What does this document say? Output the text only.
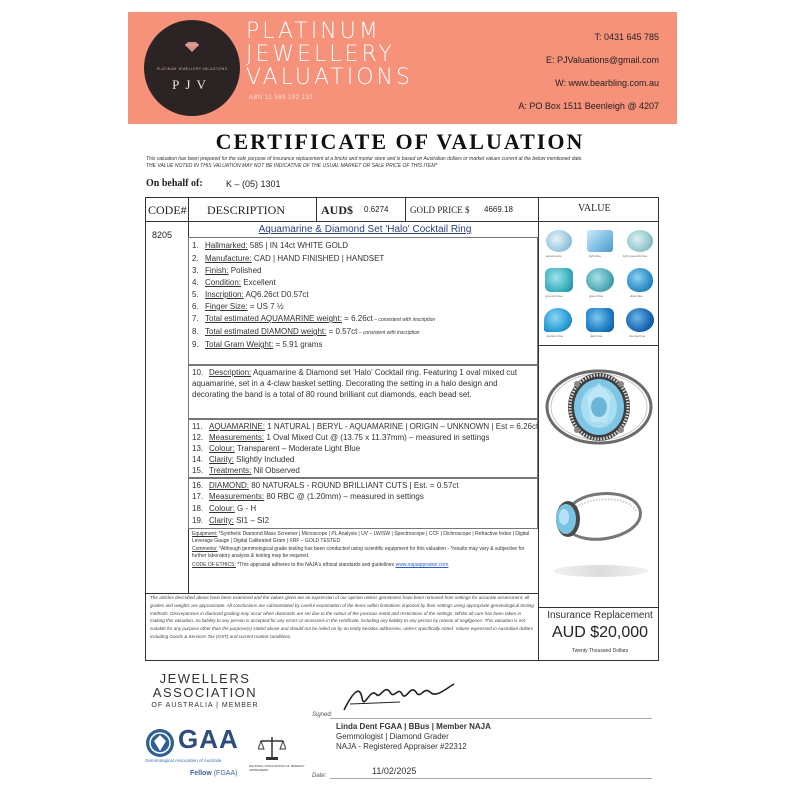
PLATINUM JEWELLERY VALUATIONS
PJV
PLATINUM
JEWELLERY
VALUATIONS
ABN 11 589 192 132
T: 0431 645 785
E: PJValuations@gmail.com
W: www.bearbling.com.au
A: PO Box 1511 Beenleigh @ 4207
CERTIFICATE OF VALUATION
This valuation has been prepared for the sole purpose of insurance replacement at a bricks and mortar store and is based on Australian dollars or market values current at the below mentioned date.
THE VALUE NOTED IN THIS VALUATION MAY NOT BE INDICATIVE OF THE USUAL MARKET OR SALE PRICE OF THIS ITEM*
On behalf of:	K – (05) 1301
CODE# DESCRIPTION	AUD$ 0.6274 GOLD PRICE $ 4669.18	VALUE
8205	Aquamarine & Diamond Set 'Halo' Cocktail Ring
1. Hallmarked: 585 | IN 14ct WHITE GOLD
2. Manufacture: CAD | HAND FINISHED | HANDSET
3. Finish: Polished
4. Condition: Excellent
5. Inscription: AQ6.26ct D0.57ct
6. Finger Size: = US 7 ½
7. Total estimated AQUAMARINE weight: = 6.26ct – consistent with inscription
8. Total estimated DIAMOND weight: = 0.57ct – consistent with inscription
9. Total Gram Weight: = 5.91 grams
10. Description: Aquamarine & Diamond set 'Halo' Cocktail ring. Featuring 1 oval mixed cut aquamarine, set in a 4-claw basket setting. Decorating the setting in a halo design and decorating the band is a total of 80 round brilliant cut diamonds, each bead set.
11. AQUAMARINE: 1 NATURAL | BERYL - AQUAMARINE | ORIGIN – UNKNOWN | Est = 6.26ct
12. Measurements: 1 Oval Mixed Cut @ (13.75 x 11.37mm) – measured in settings
13. Colour: Transparent – Moderate Light Blue
14. Clarity: Slightly Included
15. Treatments: Nil Observed
16. DIAMOND: 80 NATURALS - ROUND BRILLIANT CUTS | Est. = 0.57ct
17. Measurements: 80 RBC @ (1.20mm) – measured in settings
18. Colour: G - H
19. Clarity: SI1 – SI2
Equipment: *Synthetic Diamond Mass Screener | Microscope | PL Analysis | UV – LW/SW | Spectroscope | CCF | Dichroscope | Refractive Index | Digital Leverage Gauge | Digital Calibrated Gram | XRF – GOLD TESTED
Comments: *Although gemmological grade testing has been conducted using scientific equipment for this valuation - *results may vary & subjective for further laboratory analysis & testing may be required.
CODE OF ETHICS: *This appraisal adheres to the NAJA's ethical standards and guidelines www.najaappraiser.com
The articles described above have been examined and the values given are an expression of our opinion unless gemstones have been removed from settings for accurate assessment, all grades and weights are approximate. All conclusions are substantiated by careful examination of the items within limitations imposed by their settings using appropriate gemmological testing methods. Discrepancies in diamond grading may occur when diamonds are set due to the colour of the precious metal and restrictions of the settings. Whilst all care has been taken in making this valuation, no liability to any person is accepted for any errors or omissions in the certificate, including any liability to any person by reason of negligence. This valuation is not suitable for any purpose other than the purpose(s) stated above and should not be relied on by an entity besides addressee, unless specifically noted. Values expressed in Australian dollars including Goods & Services Tax (GST) and current market conditions.
aquamarine	light blue	light greenish blue
greenish blue	green blue	slate blue
medium blue	dark blue	intense blue
Insurance Replacement
AUD $20,000
Twenty Thousand Dollars
JEWELLERS
ASSOCIATION
OF AUSTRALIA | MEMBER
GAA
Gemmological Association of Australia
Fellow (FGAA)
NATIONAL ASSOCIATION OF JEWELRY APPRAISERS
Signed:
Linda Dent FGAA | BBus | Member NAJA
Gemmologist | Diamond Grader
NAJA - Registered Appraiser #22312
Date:	11/02/2025
